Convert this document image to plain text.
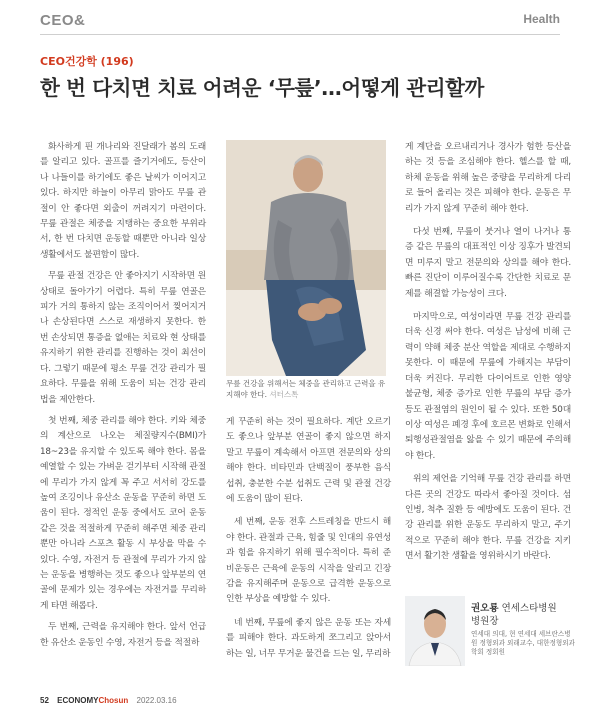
CEO&	Health
CEO건강학 (196)
한 번 다치면 치료 어려운 ‘무릎’…어떻게 관리할까

화사하게 핀 개나리와 진달래가 봄의 도래를 알리고 있다. 골프를 즐기거에도, 등산이나 나들이를 하기에도 좋은 날씨가 이어지고 있다. 하지만 하늘이 아무리 맑아도 무릎 관절이 안 좋다면 외출이 꺼려지기 마련이다. 무릎 관절은 체중을 지탱하는 중요한 부위라서, 한 번 다치면 운동할 때뿐만 아니라 일상생활에서도 불편함이 많다.

무릎 관절 건강은 안 좋아지기 시작하면 원상태로 돌아가기 어렵다. 특히 무릎 연골은 피가 거의 통하지 않는 조직이어서 찢어지거나 손상된다면 스스로 재생하지 못한다. 한 번 손상되면 통증을 없애는 치료와 현 상태를 유지하기 위한 관리를 진행하는 것이 최선이다. 그렇기 때문에 평소 무릎 건강 관리가 필요하다. 무릎을 위해 도움이 되는 건강 관리법을 제안한다.

첫 번째, 체중 관리를 해야 한다. 키와 체중의 계산으로 나오는 체질량지수(BMI)가 18~23을 유지할 수 있도록 해야 한다. 몸을 예열할 수 있는 가벼운 걷기부터 시작해 관절에 무리가 가지 않게 꼭 주고 서서히 강도를 높여 조깅이나 유산소 운동을 꾸준히 하면 도움이 된다. 정적인 운동 중에서도 코어 운동 같은 것을 적절하게 꾸준히 해주면 체중 관리뿐만 아니라 스포츠 활동 시 부상을 막을 수 있다. 수영, 자전거 등 관절에 무리가 가지 않는 운동을 병행하는 것도 좋으나 앞부분의 연골에 문제가 있는 경우에는 자전거를 무리하게 타면 해롭다.

두 번째, 근력을 유지해야 한다. 앞서 언급한 유산소 운동인 수영, 자전거 등을 적절하

무릎 건강을 위해서는 체중을 관리하고 근력을 유지해야 한다. 셔터스톡

게 꾸준히 하는 것이 필요하다. 계단 오르기도 좋으나 앞부분 연골이 좋지 않으면 하지 말고 무릎이 계속해서 아프면 전문의와 상의해야 한다. 비타민과 단백질이 풍부한 음식 섭취, 충분한 수분 섭취도 근력 및 관절 건강에 도움이 많이 된다.

세 번째, 운동 전후 스트레칭을 반드시 해야 한다. 관절과 근육, 힘줄 및 인대의 유연성과 힘을 유지하기 위해 필수적이다. 특히 준비운동은 근육에 운동의 시작을 알리고 긴장감을 유지해주며 운동으로 급격한 운동으로 인한 부상을 예방할 수 있다.

네 번째, 무릎에 좋지 않은 운동 또는 자세를 피해야 한다. 과도하게 쪼그리고 앉아서 하는 일, 너무 무거운 물건을 드는 일, 무리하

게 계단을 오르내리거나 경사가 험한 등산을 하는 것 등을 조심해야 한다. 헬스를 할 때, 하체 운동을 위해 높은 중량을 무리하게 다리로 들어 올리는 것은 피해야 한다. 운동은 무리가 가지 않게 꾸준히 해야 한다.

다섯 번째, 무릎이 붓거나 열이 나거나 통증 같은 무릎의 대표적인 이상 징후가 발견되면 미루지 말고 전문의와 상의를 해야 한다. 빠른 진단이 이루어질수록 간단한 치료로 문제를 해결할 가능성이 크다.

마지막으로, 여성이라면 무릎 건강 관리를 더욱 신경 써야 한다. 여성은 남성에 비해 근력이 약해 체중 분산 역할을 제대로 수행하지 못한다. 이 때문에 무릎에 가해지는 부담이 더욱 커진다. 무리한 다이어트로 인한 영양 불균형, 체중 증가로 인한 무릎의 부담 증가 등도 관절염의 원인이 될 수 있다. 또한 50대 이상 여성은 폐경 후에 호르몬 변화로 인해서 퇴행성관절염을 앓을 수 있기 때문에 주의해야 한다.

위의 제언을 기억해 무릎 건강 관리를 하면 다른 곳의 건강도 따라서 좋아질 것이다. 섬인병, 척추 질환 등 예방에도 도움이 된다. 건강 관리를 위한 운동도 무리하지 말고, 주기적으로 꾸준히 해야 한다. 무릎 건강을 지키면서 활기찬 생활을 영위하시기 바란다.

권오룡 연세스타병원
병원장
연세대 의대, 현 연세대 세브란스병원 정형외과 외래교수, 대한정형외과 학회 정회원
52 ECONOMYChosun 2022.03.16
